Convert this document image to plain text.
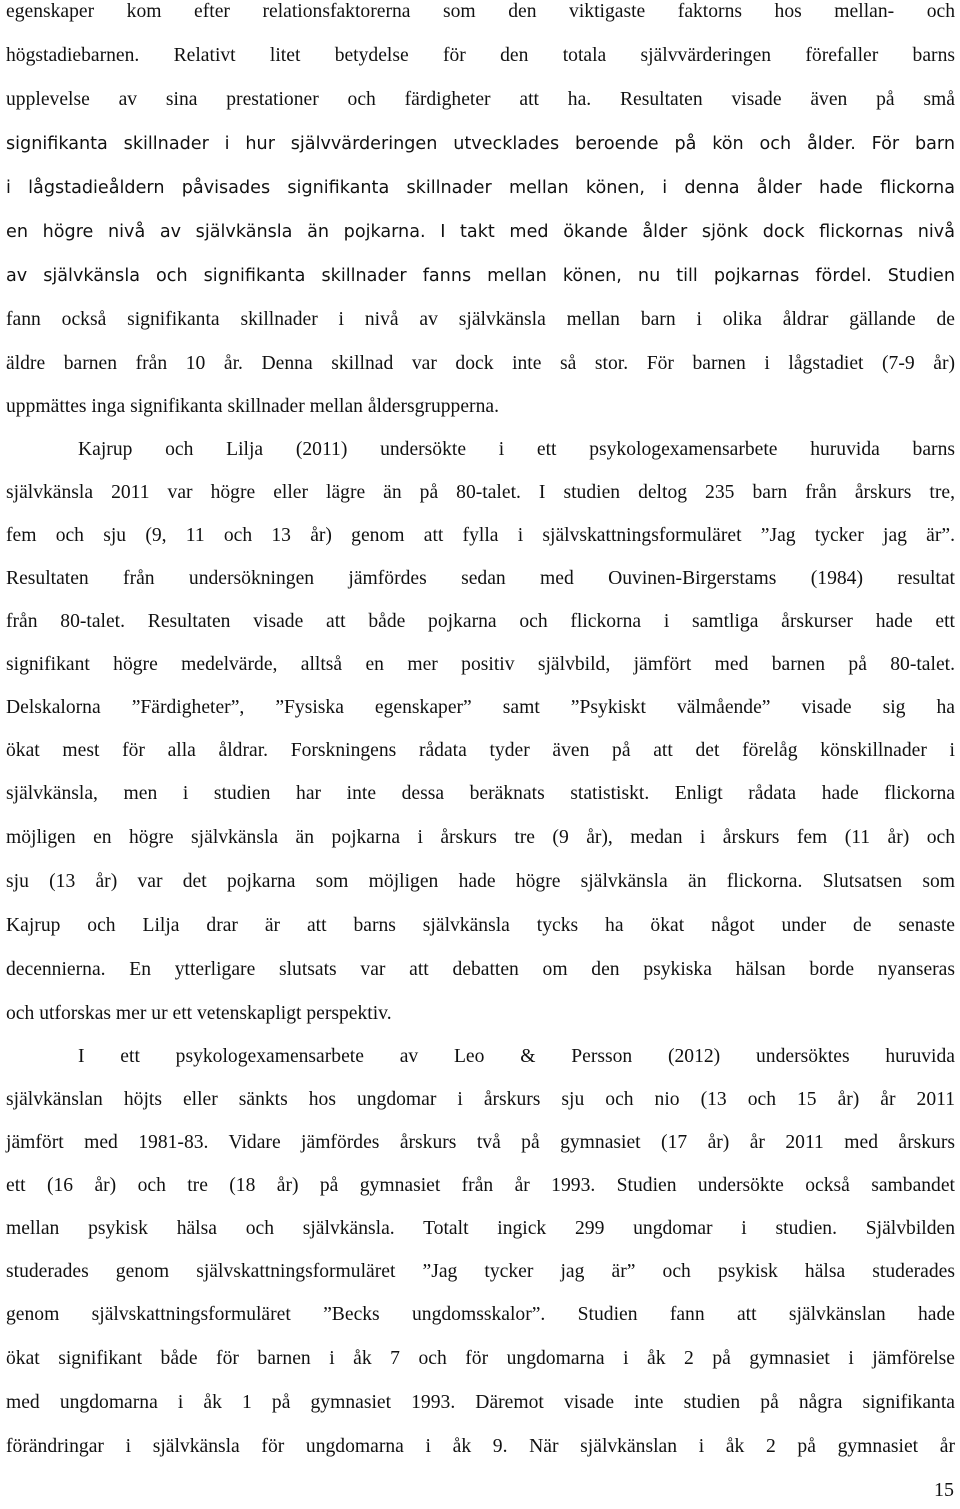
egenskaper kom efter relationsfaktorerna som den viktigaste faktorns hos mellan- och
högstadiebarnen. Relativt litet betydelse för den totala självvärderingen förefaller barns
upplevelse av sina prestationer och färdigheter att ha. Resultaten visade även på små
signifikanta skillnader i hur självvärderingen utvecklades beroende på kön och ålder. För barn
i lågstadieåldern påvisades signifikanta skillnader mellan könen, i denna ålder hade flickorna
en högre nivå av självkänsla än pojkarna. I takt med ökande ålder sjönk dock flickornas nivå
av självkänsla och signifikanta skillnader fanns mellan könen, nu till pojkarnas fördel. Studien
fann också signifikanta skillnader i nivå av självkänsla mellan barn i olika åldrar gällande de
äldre barnen från 10 år. Denna skillnad var dock inte så stor. För barnen i lågstadiet (7-9 år)
uppmättes inga signifikanta skillnader mellan åldersgrupperna.
Kajrup och Lilja (2011) undersökte i ett psykologexamensarbete huruvida barns
självkänsla 2011 var högre eller lägre än på 80-talet. I studien deltog 235 barn från årskurs tre,
fem och sju (9, 11 och 13 år) genom att fylla i självskattningsformuläret ”Jag tycker jag är”.
Resultaten från undersökningen jämfördes sedan med Ouvinen-Birgerstams (1984) resultat
från 80-talet. Resultaten visade att både pojkarna och flickorna i samtliga årskurser hade ett
signifikant högre medelvärde, alltså en mer positiv självbild, jämfört med barnen på 80-talet.
Delskalorna ”Färdigheter”, ”Fysiska egenskaper” samt ”Psykiskt välmående” visade sig ha
ökat mest för alla åldrar. Forskningens rådata tyder även på att det förelåg könskillnader i
självkänsla, men i studien har inte dessa beräknats statistiskt. Enligt rådata hade flickorna
möjligen en högre självkänsla än pojkarna i årskurs tre (9 år), medan i årskurs fem (11 år) och
sju (13 år) var det pojkarna som möjligen hade högre självkänsla än flickorna. Slutsatsen som
Kajrup och Lilja drar är att barns självkänsla tycks ha ökat något under de senaste
decennierna. En ytterligare slutsats var att debatten om den psykiska hälsan borde nyanseras
och utforskas mer ur ett vetenskapligt perspektiv.
I ett psykologexamensarbete av Leo & Persson (2012) undersöktes huruvida
självkänslan höjts eller sänkts hos ungdomar i årskurs sju och nio (13 och 15 år) år 2011
jämfört med 1981-83. Vidare jämfördes årskurs två på gymnasiet (17 år) år 2011 med årskurs
ett (16 år) och tre (18 år) på gymnasiet från år 1993. Studien undersökte också sambandet
mellan psykisk hälsa och självkänsla. Totalt ingick 299 ungdomar i studien. Självbilden
studerades genom självskattningsformuläret ”Jag tycker jag är” och psykisk hälsa studerades
genom självskattningsformuläret ”Becks ungdomsskalor”. Studien fann att självkänslan hade
ökat signifikant både för barnen i åk 7 och för ungdomarna i åk 2 på gymnasiet i jämförelse
med ungdomarna i åk 1 på gymnasiet 1993. Däremot visade inte studien på några signifikanta
förändringar i självkänsla för ungdomarna i åk 9. När självkänslan i åk 2 på gymnasiet år
15
